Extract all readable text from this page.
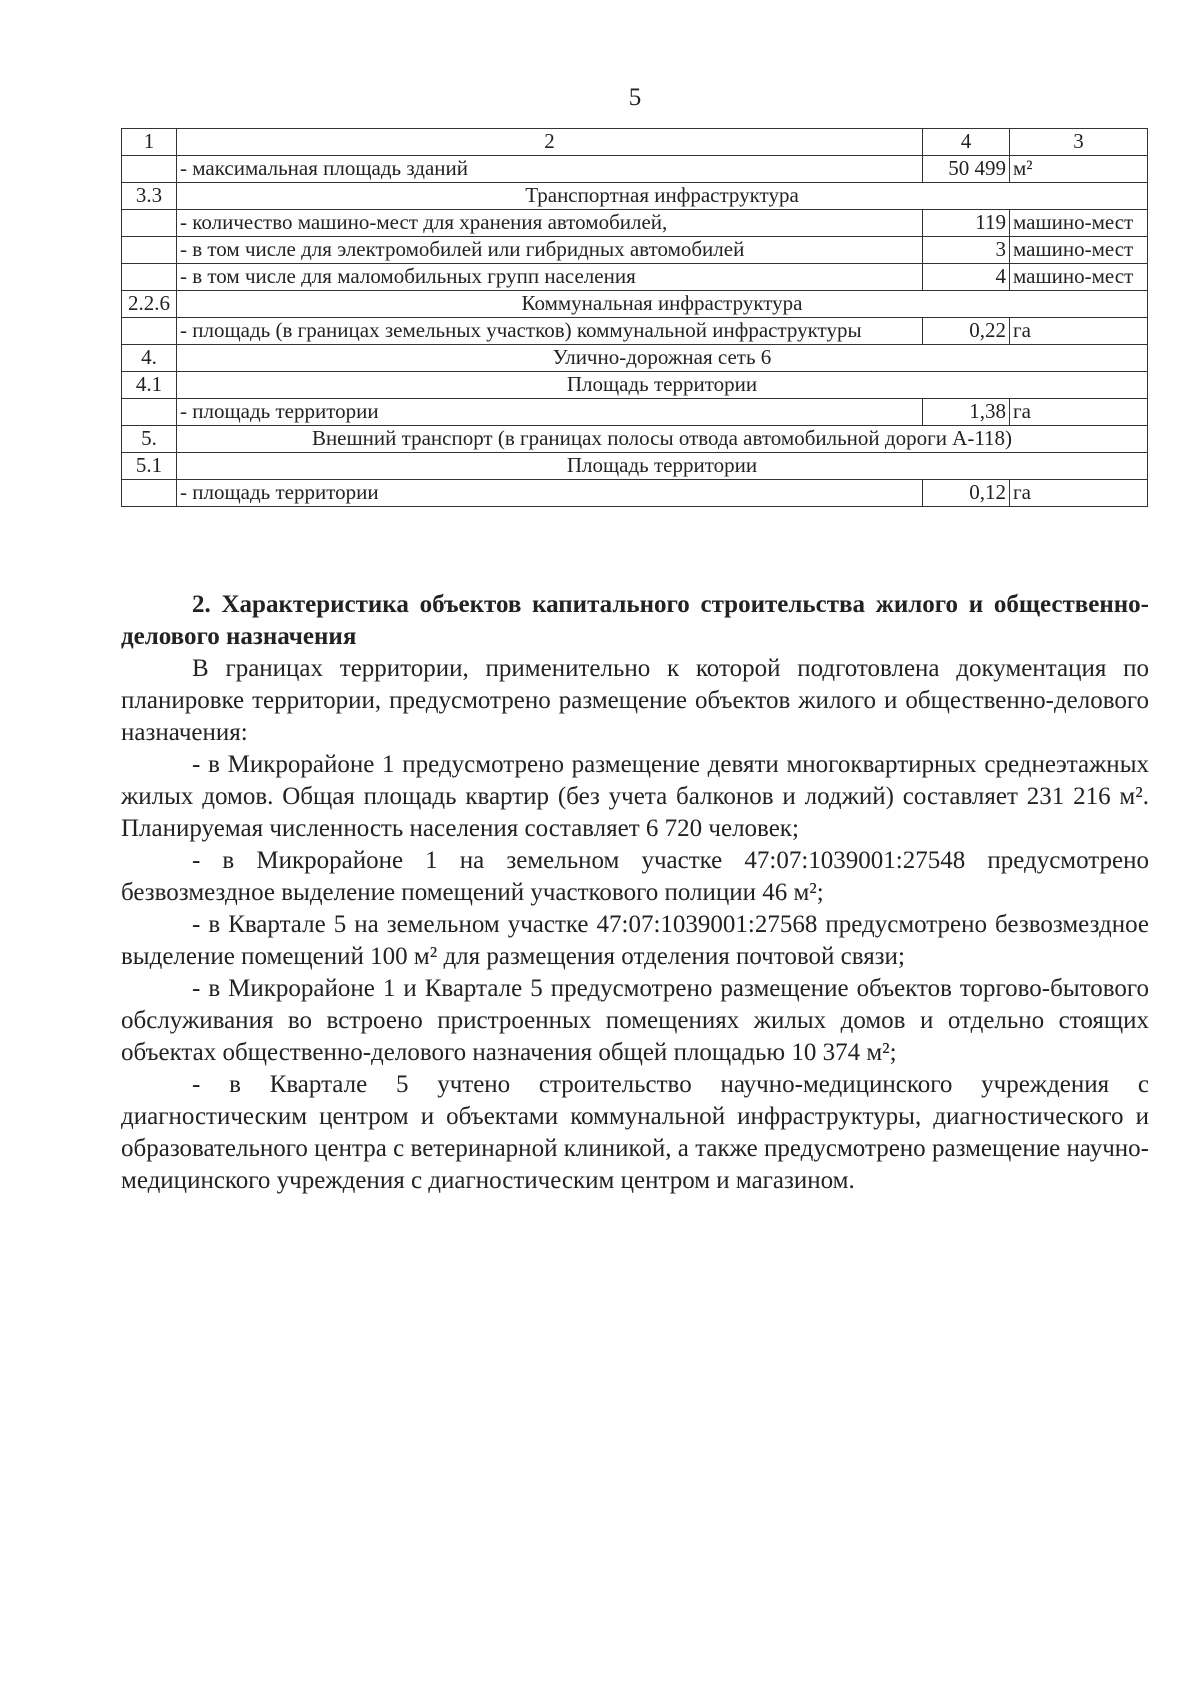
5
1	2	4	3
	- максимальная площадь зданий	50 499	м²
3.3	Транспортная инфраструктура		
	- количество машино-мест для хранения автомобилей,	119	машино-мест
	- в том числе для электромобилей или гибридных автомобилей	3	машино-мест
	- в том числе для маломобильных групп населения	4	машино-мест
2.2.6	Коммунальная инфраструктура		
	- площадь (в границах земельных участков) коммунальной инфраструктуры	0,22	га
4.	Улично-дорожная сеть 6		
4.1	Площадь территории		
	- площадь территории	1,38	га
5.	Внешний транспорт (в границах полосы отвода автомобильной дороги А-118)		
5.1	Площадь территории		
	- площадь территории	0,12	га

2. Характеристика объектов капитального строительства жилого и общественно-делового назначения

В границах территории, применительно к которой подготовлена документация по планировке территории, предусмотрено размещение объектов жилого и общественно-делового назначения:

- в Микрорайоне 1 предусмотрено размещение девяти многоквартирных среднеэтажных жилых домов. Общая площадь квартир (без учета балконов и лоджий) составляет 231 216 м². Планируемая численность населения составляет 6 720 человек;

- в Микрорайоне 1 на земельном участке 47:07:1039001:27548 предусмотрено безвозмездное выделение помещений участкового полиции 46 м²;

- в Квартале 5 на земельном участке 47:07:1039001:27568 предусмотрено безвозмездное выделение помещений 100 м² для размещения отделения почтовой связи;

- в Микрорайоне 1 и Квартале 5 предусмотрено размещение объектов торгово-бытового обслуживания во встроено пристроенных помещениях жилых домов и отдельно стоящих объектах общественно-делового назначения общей площадью 10 374 м²;

- в Квартале 5 учтено строительство научно-медицинского учреждения с диагностическим центром и объектами коммунальной инфраструктуры, диагностического и образовательного центра с ветеринарной клиникой, а также предусмотрено размещение научно-медицинского учреждения с диагностическим центром и магазином.
